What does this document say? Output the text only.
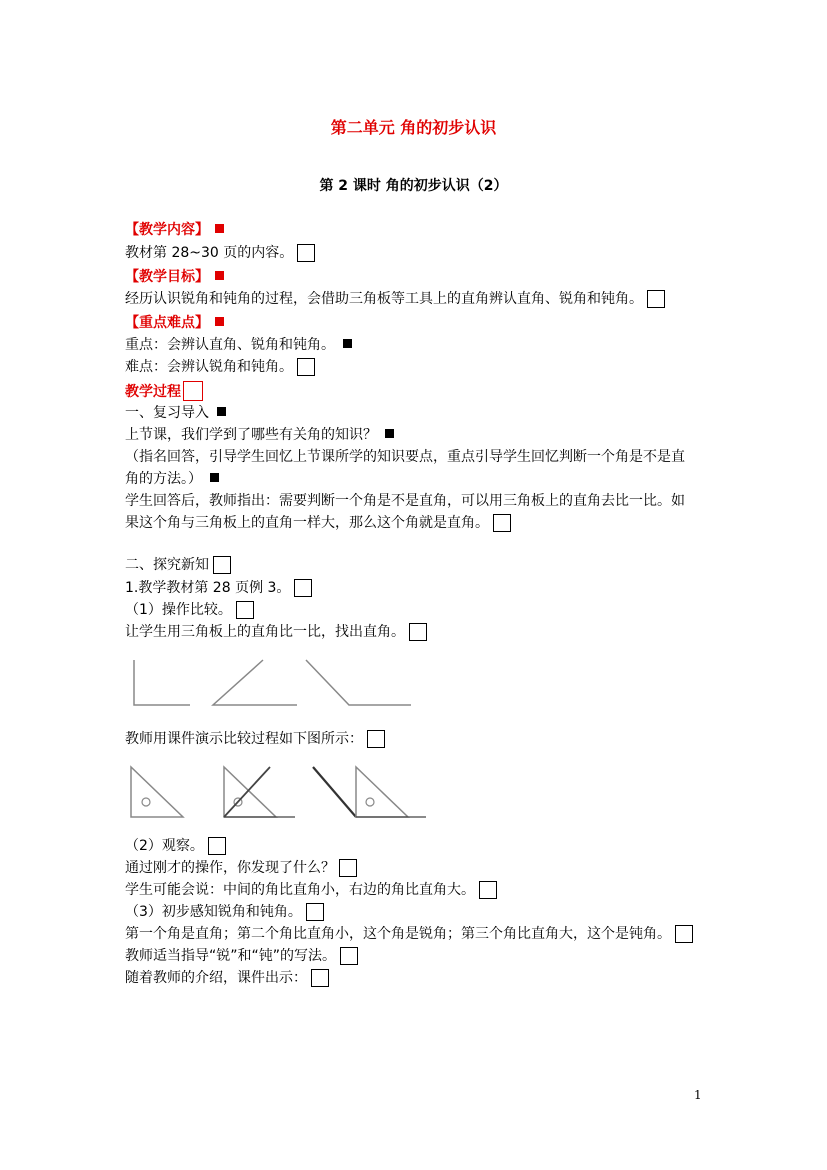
第二单元 角的初步认识
第 2 课时 角的初步认识（2）
【教学内容】
教材第 28~30 页的内容。
【教学目标】
经历认识锐角和钝角的过程，会借助三角板等工具上的直角辨认直角、锐角和钝角。
【重点难点】
重点：会辨认直角、锐角和钝角。
难点：会辨认锐角和钝角。
教学过程
一、复习导入
上节课，我们学到了哪些有关角的知识？
（指名回答，引导学生回忆上节课所学的知识要点，重点引导学生回忆判断一个角是不是直
角的方法。）
学生回答后，教师指出：需要判断一个角是不是直角，可以用三角板上的直角去比一比。如
果这个角与三角板上的直角一样大，那么这个角就是直角。
二、探究新知
1.教学教材第 28 页例 3。
（1）操作比较。
让学生用三角板上的直角比一比，找出直角。
教师用课件演示比较过程如下图所示：
（2）观察。
通过刚才的操作，你发现了什么？
学生可能会说：中间的角比直角小，右边的角比直角大。
（3）初步感知锐角和钝角。
第一个角是直角；第二个角比直角小，这个角是锐角；第三个角比直角大，这个是钝角。
教师适当指导“锐”和“钝”的写法。
随着教师的介绍，课件出示：
1
